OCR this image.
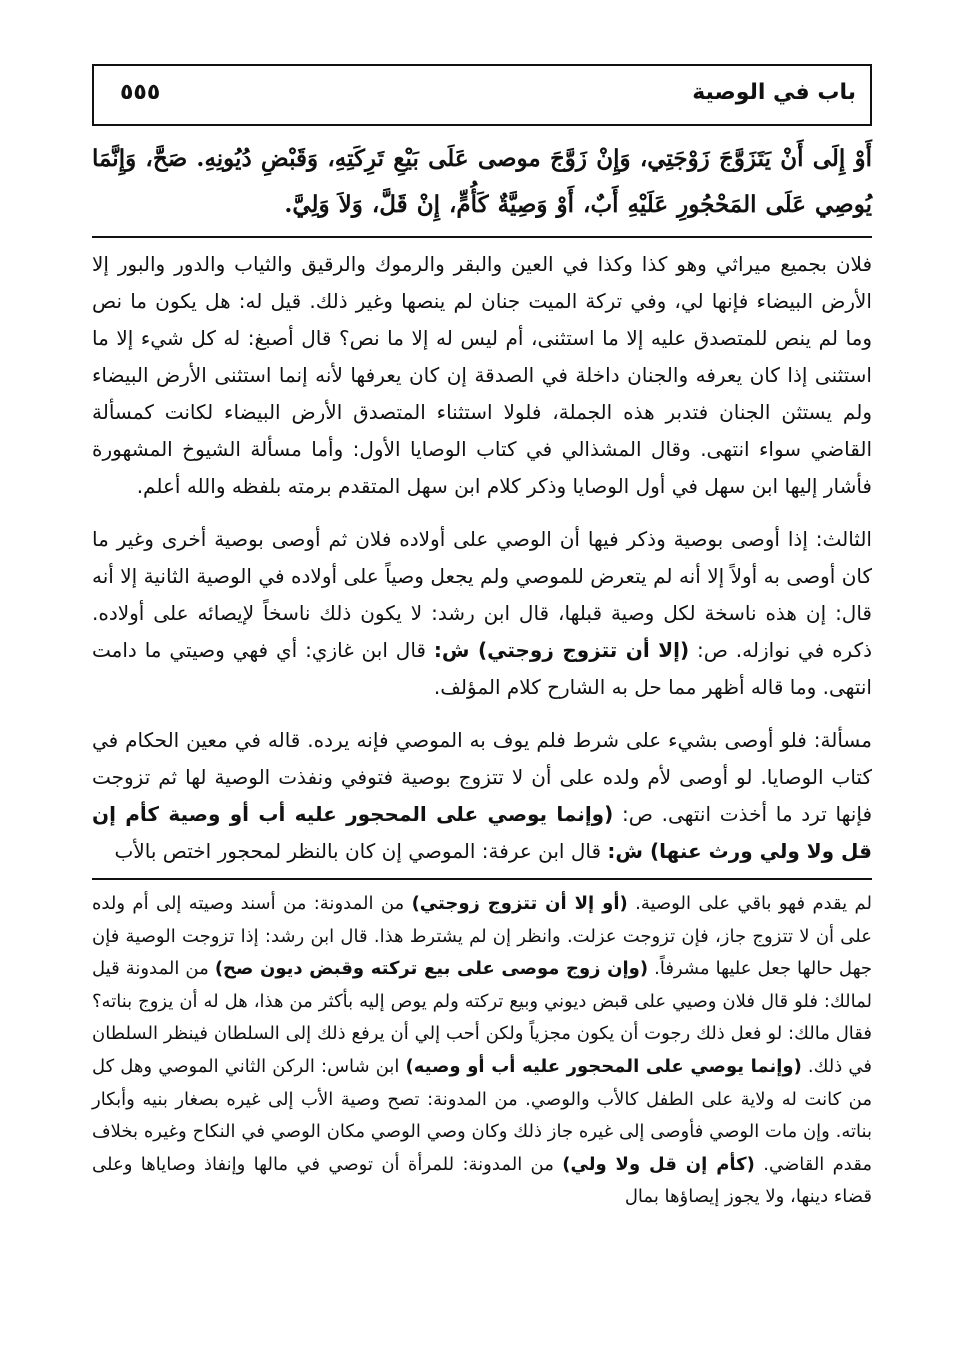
باب في الوصية
٥٥٥
أَوْ إِلَى أَنْ يَتَزَوَّجَ زَوْجَتِي، وَإِنْ زَوَّجَ موصى عَلَى بَيْعِ تَرِكَتِهِ، وَقَبْضِ دُيُونِهِ. صَحَّ، وَإِنَّمَا يُوصِي عَلَى المَحْجُورِ عَلَيْهِ أَبٌ، أَوْ وَصِيَّةٌ كَأُمٍّ، إِنْ قَلَّ، وَلاَ وَلِيَّ.

فلان بجميع ميراثي وهو كذا وكذا في العين والبقر والرموك والرقيق والثياب والدور والبور إلا الأرض البيضاء فإنها لي، وفي تركة الميت جنان لم ينصها وغير ذلك. قيل له: هل يكون ما نص وما لم ينص للمتصدق عليه إلا ما استثنى، أم ليس له إلا ما نص؟ قال أصبغ: له كل شيء إلا ما استثنى إذا كان يعرفه والجنان داخلة في الصدقة إن كان يعرفها لأنه إنما استثنى الأرض البيضاء ولم يستثن الجنان فتدبر هذه الجملة، فلولا استثناء المتصدق الأرض البيضاء لكانت كمسألة القاضي سواء انتهى. وقال المشذالي في كتاب الوصايا الأول: وأما مسألة الشيوخ المشهورة فأشار إليها ابن سهل في أول الوصايا وذكر كلام ابن سهل المتقدم برمته بلفظه والله أعلم.

الثالث: إذا أوصى بوصية وذكر فيها أن الوصي على أولاده فلان ثم أوصى بوصية أخرى وغير ما كان أوصى به أولاً إلا أنه لم يتعرض للموصي ولم يجعل وصياً على أولاده في الوصية الثانية إلا أنه قال: إن هذه ناسخة لكل وصية قبلها، قال ابن رشد: لا يكون ذلك ناسخاً لإيصائه على أولاده. ذكره في نوازله. ص: (إلا أن تتزوج زوجتي) ش: قال ابن غازي: أي فهي وصيتي ما دامت انتهى. وما قاله أظهر مما حل به الشارح كلام المؤلف.

مسألة: فلو أوصى بشيء على شرط فلم يوف به الموصي فإنه يرده. قاله في معين الحكام في كتاب الوصايا. لو أوصى لأم ولده على أن لا تتزوج بوصية فتوفي ونفذت الوصية لها ثم تزوجت فإنها ترد ما أخذت انتهى. ص: (وإنما يوصي على المحجور عليه أب أو وصية كأم إن قل ولا ولي ورث عنها) ش: قال ابن عرفة: الموصي إن كان بالنظر لمحجور اختص بالأب

لم يقدم فهو باقي على الوصية. (أو إلا أن تتزوج زوجتي) من المدونة: من أسند وصيته إلى أم ولده على أن لا تتزوج جاز، فإن تزوجت عزلت. وانظر إن لم يشترط هذا. قال ابن رشد: إذا تزوجت الوصية فإن جهل حالها جعل عليها مشرفاً. (وإن زوج موصى على بيع تركته وقبض ديون صح) من المدونة قيل لمالك: فلو قال فلان وصيي على قبض ديوني وبيع تركته ولم يوص إليه بأكثر من هذا، هل له أن يزوج بناته؟ فقال مالك: لو فعل ذلك رجوت أن يكون مجزياً ولكن أحب إلي أن يرفع ذلك إلى السلطان فينظر السلطان في ذلك. (وإنما يوصي على المحجور عليه أب أو وصيه) ابن شاس: الركن الثاني الموصي وهل كل من كانت له ولاية على الطفل كالأب والوصي. من المدونة: تصح وصية الأب إلى غيره بصغار بنيه وأبكار بناته. وإن مات الوصي فأوصى إلى غيره جاز ذلك وكان وصي الوصي مكان الوصي في النكاح وغيره بخلاف مقدم القاضي. (كأم إن قل ولا ولي) من المدونة: للمرأة أن توصي في مالها وإنفاذ وصاياها وعلى قضاء دينها، ولا يجوز إيصاؤها بمال
